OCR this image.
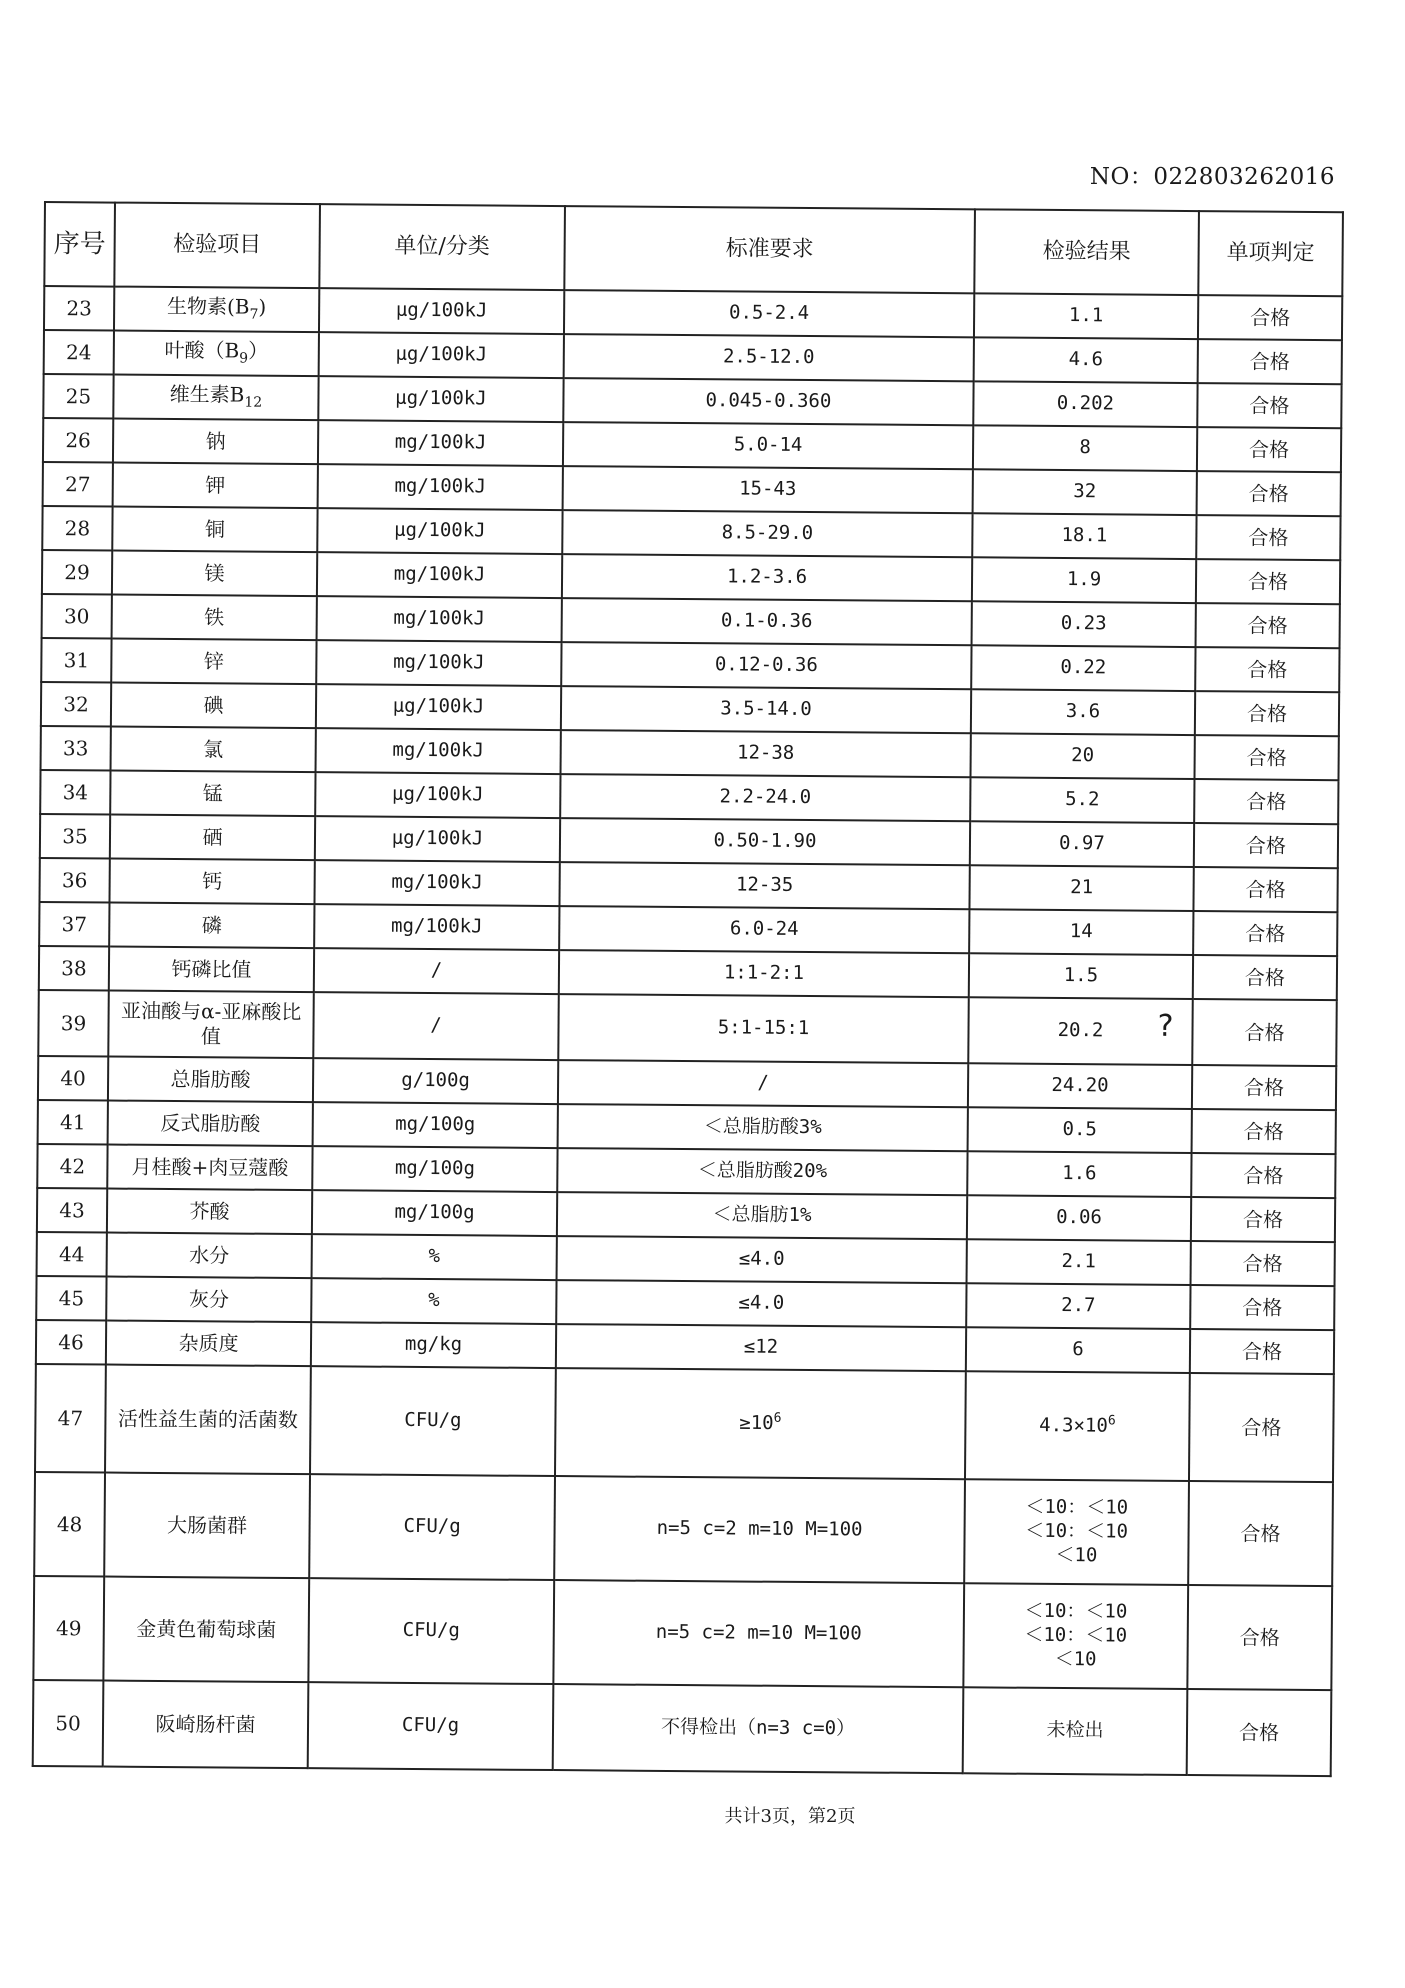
NO：022803262016
序号	检验项目	单位/分类	标准要求	检验结果	单项判定
23	生物素$(B_7)$	μg/100kJ	0.5-2.4	1.1	合格
24	叶酸$(B_9)$	μg/100kJ	2.5-12.0	4.6	合格
25	维生素$B_{12}$	μg/100kJ	0.045-0.360	0.202	合格
26	钠	mg/100kJ	5.0-14	8	合格
27	钾	mg/100kJ	15-43	32	合格
28	铜	μg/100kJ	8.5-29.0	18.1	合格
29	镁	mg/100kJ	1.2-3.6	1.9	合格
30	铁	mg/100kJ	0.1-0.36	0.23	合格
31	锌	mg/100kJ	0.12-0.36	0.22	合格
32	碘	μg/100kJ	3.5-14.0	3.6	合格
33	氯	mg/100kJ	12-38	20	合格
34	锰	μg/100kJ	2.2-24.0	5.2	合格
35	硒	μg/100kJ	0.50-1.90	0.97	合格
36	钙	mg/100kJ	12-35	21	合格
37	磷	mg/100kJ	6.0-24	14	合格
38	钙磷比值	/	1:1-2:1	1.5	合格
39	亚油酸与α-亚麻酸比值	/	5:1-15:1	20.2 ?	合格
40	总脂肪酸	g/100g	/	24.20	合格
41	反式脂肪酸	mg/100g	＜总脂肪酸3%	0.5	合格
42	月桂酸+肉豆蔻酸	mg/100g	＜总脂肪酸20%	1.6	合格
43	芥酸	mg/100g	＜总脂肪1%	0.06	合格
44	水分	%	≤4.0	2.1	合格
45	灰分	%	≤4.0	2.7	合格
46	杂质度	mg/kg	≤12	6	合格
47	活性益生菌的活菌数	CFU/g	$\ge 10^6$	$4.3\times 10^6$	合格
48	大肠菌群	CFU/g	n=5 c=2 m=10 M=100	＜10：＜10
＜10：＜10
＜10	合格
49	金黄色葡萄球菌	CFU/g	n=5 c=2 m=10 M=100	＜10：＜10
＜10：＜10
＜10	合格
50	阪崎肠杆菌	CFU/g	不得检出（n=3 c=0）	未检出	合格
共计3页，第2页
